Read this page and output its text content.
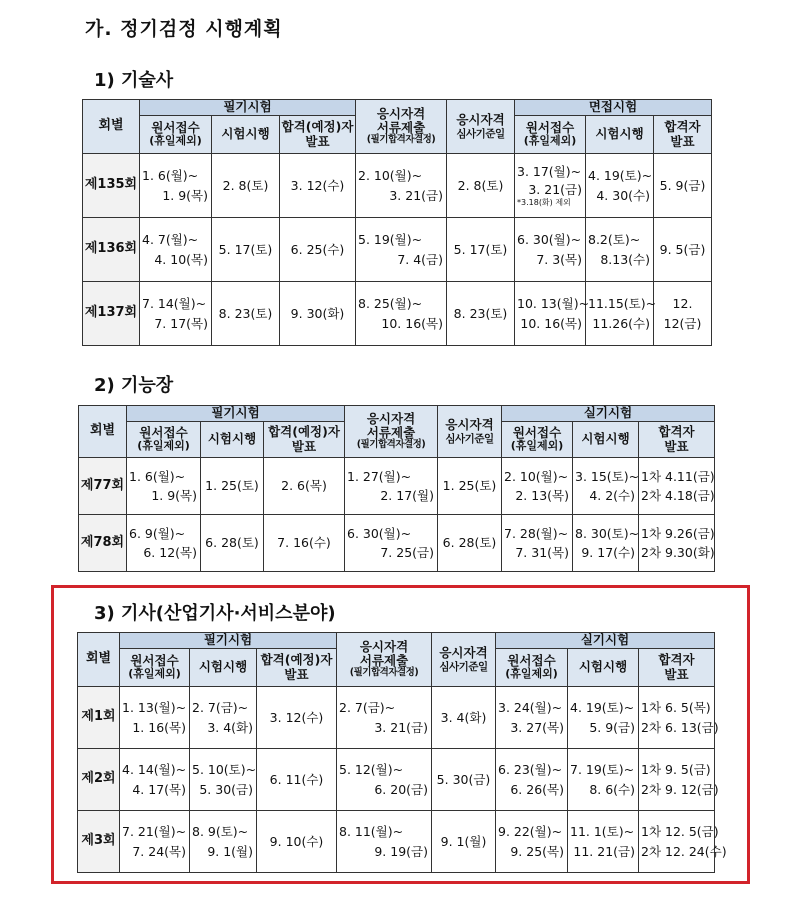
가. 정기검정 시행계획
1) 기술사
회별	필기시험			응시자격
서류제출
(필기합격자결정)	응시자격
심사기준일	면접시험		

	원서접수
(휴일제외)	시험시행	합격(예정)자 발표			원서접수
(휴일제외)	시험시행	합격자
발표

제135회	1. 6(월)~
1. 9(목)	2. 8(토)	3. 12(수)	2. 10(월)~
3. 21(금)	2. 8(토)	3. 17(월)~
3. 21(금)
*3.18(화) 제외	4. 19(토)~
4. 30(수)	5. 9(금)
제136회	4. 7(월)~
4. 10(목)	5. 17(토)	6. 25(수)	5. 19(월)~
7. 4(금)	5. 17(토)	6. 30(월)~
7. 3(목)	8.2(토)~
8.13(수)	9. 5(금)
제137회	7. 14(월)~
7. 17(목)	8. 23(토)	9. 30(화)	8. 25(월)~
10. 16(목)	8. 23(토)	10. 13(월)~
10. 16(목)	11.15(토)~
11.26(수)	12. 12(금)
2) 기능장
회별	필기시험			응시자격
서류제출
(필기합격자결정)	응시자격
심사기준일	실기시험		

	원서접수
(휴일제외)	시험시행	합격(예정)자 발표			원서접수
(휴일제외)	시험시행	합격자
발표

제77회	1. 6(월)~
1. 9(목)	1. 25(토)	2. 6(목)	1. 27(월)~
2. 17(월)	1. 25(토)	2. 10(월)~
2. 13(목)	3. 15(토)~
4. 2(수)	1차 4.11(금)
2차 4.18(금)

제78회	6. 9(월)~
6. 12(목)	6. 28(토)	7. 16(수)	6. 30(월)~
7. 25(금)	6. 28(토)	7. 28(월)~
7. 31(목)	8. 30(토)~
9. 17(수)	1차 9.26(금)
2차 9.30(화)
3) 기사(산업기사·서비스분야)
회별	필기시험			응시자격
서류제출
(필기합격자결정)	응시자격
심사기준일	실기시험		

	원서접수
(휴일제외)	시험시행	합격(예정)자 발표			원서접수
(휴일제외)	시험시행	합격자
발표

제1회	1. 13(월)~
1. 16(목)	2. 7(금)~
3. 4(화)	3. 12(수)	2. 7(금)~
3. 21(금)	3. 4(화)	3. 24(월)~
3. 27(목)	4. 19(토)~
5. 9(금)	1차 6. 5(목)
2차 6. 13(금)

제2회	4. 14(월)~
4. 17(목)	5. 10(토)~
5. 30(금)	6. 11(수)	5. 12(월)~
6. 20(금)	5. 30(금)	6. 23(월)~
6. 26(목)	7. 19(토)~
8. 6(수)	1차 9. 5(금)
2차 9. 12(금)

제3회	7. 21(월)~
7. 24(목)	8. 9(토)~
9. 1(월)	9. 10(수)	8. 11(월)~
9. 19(금)	9. 1(월)	9. 22(월)~
9. 25(목)	11. 1(토)~
11. 21(금)	1차 12. 5(금)
2차 12. 24(수)
